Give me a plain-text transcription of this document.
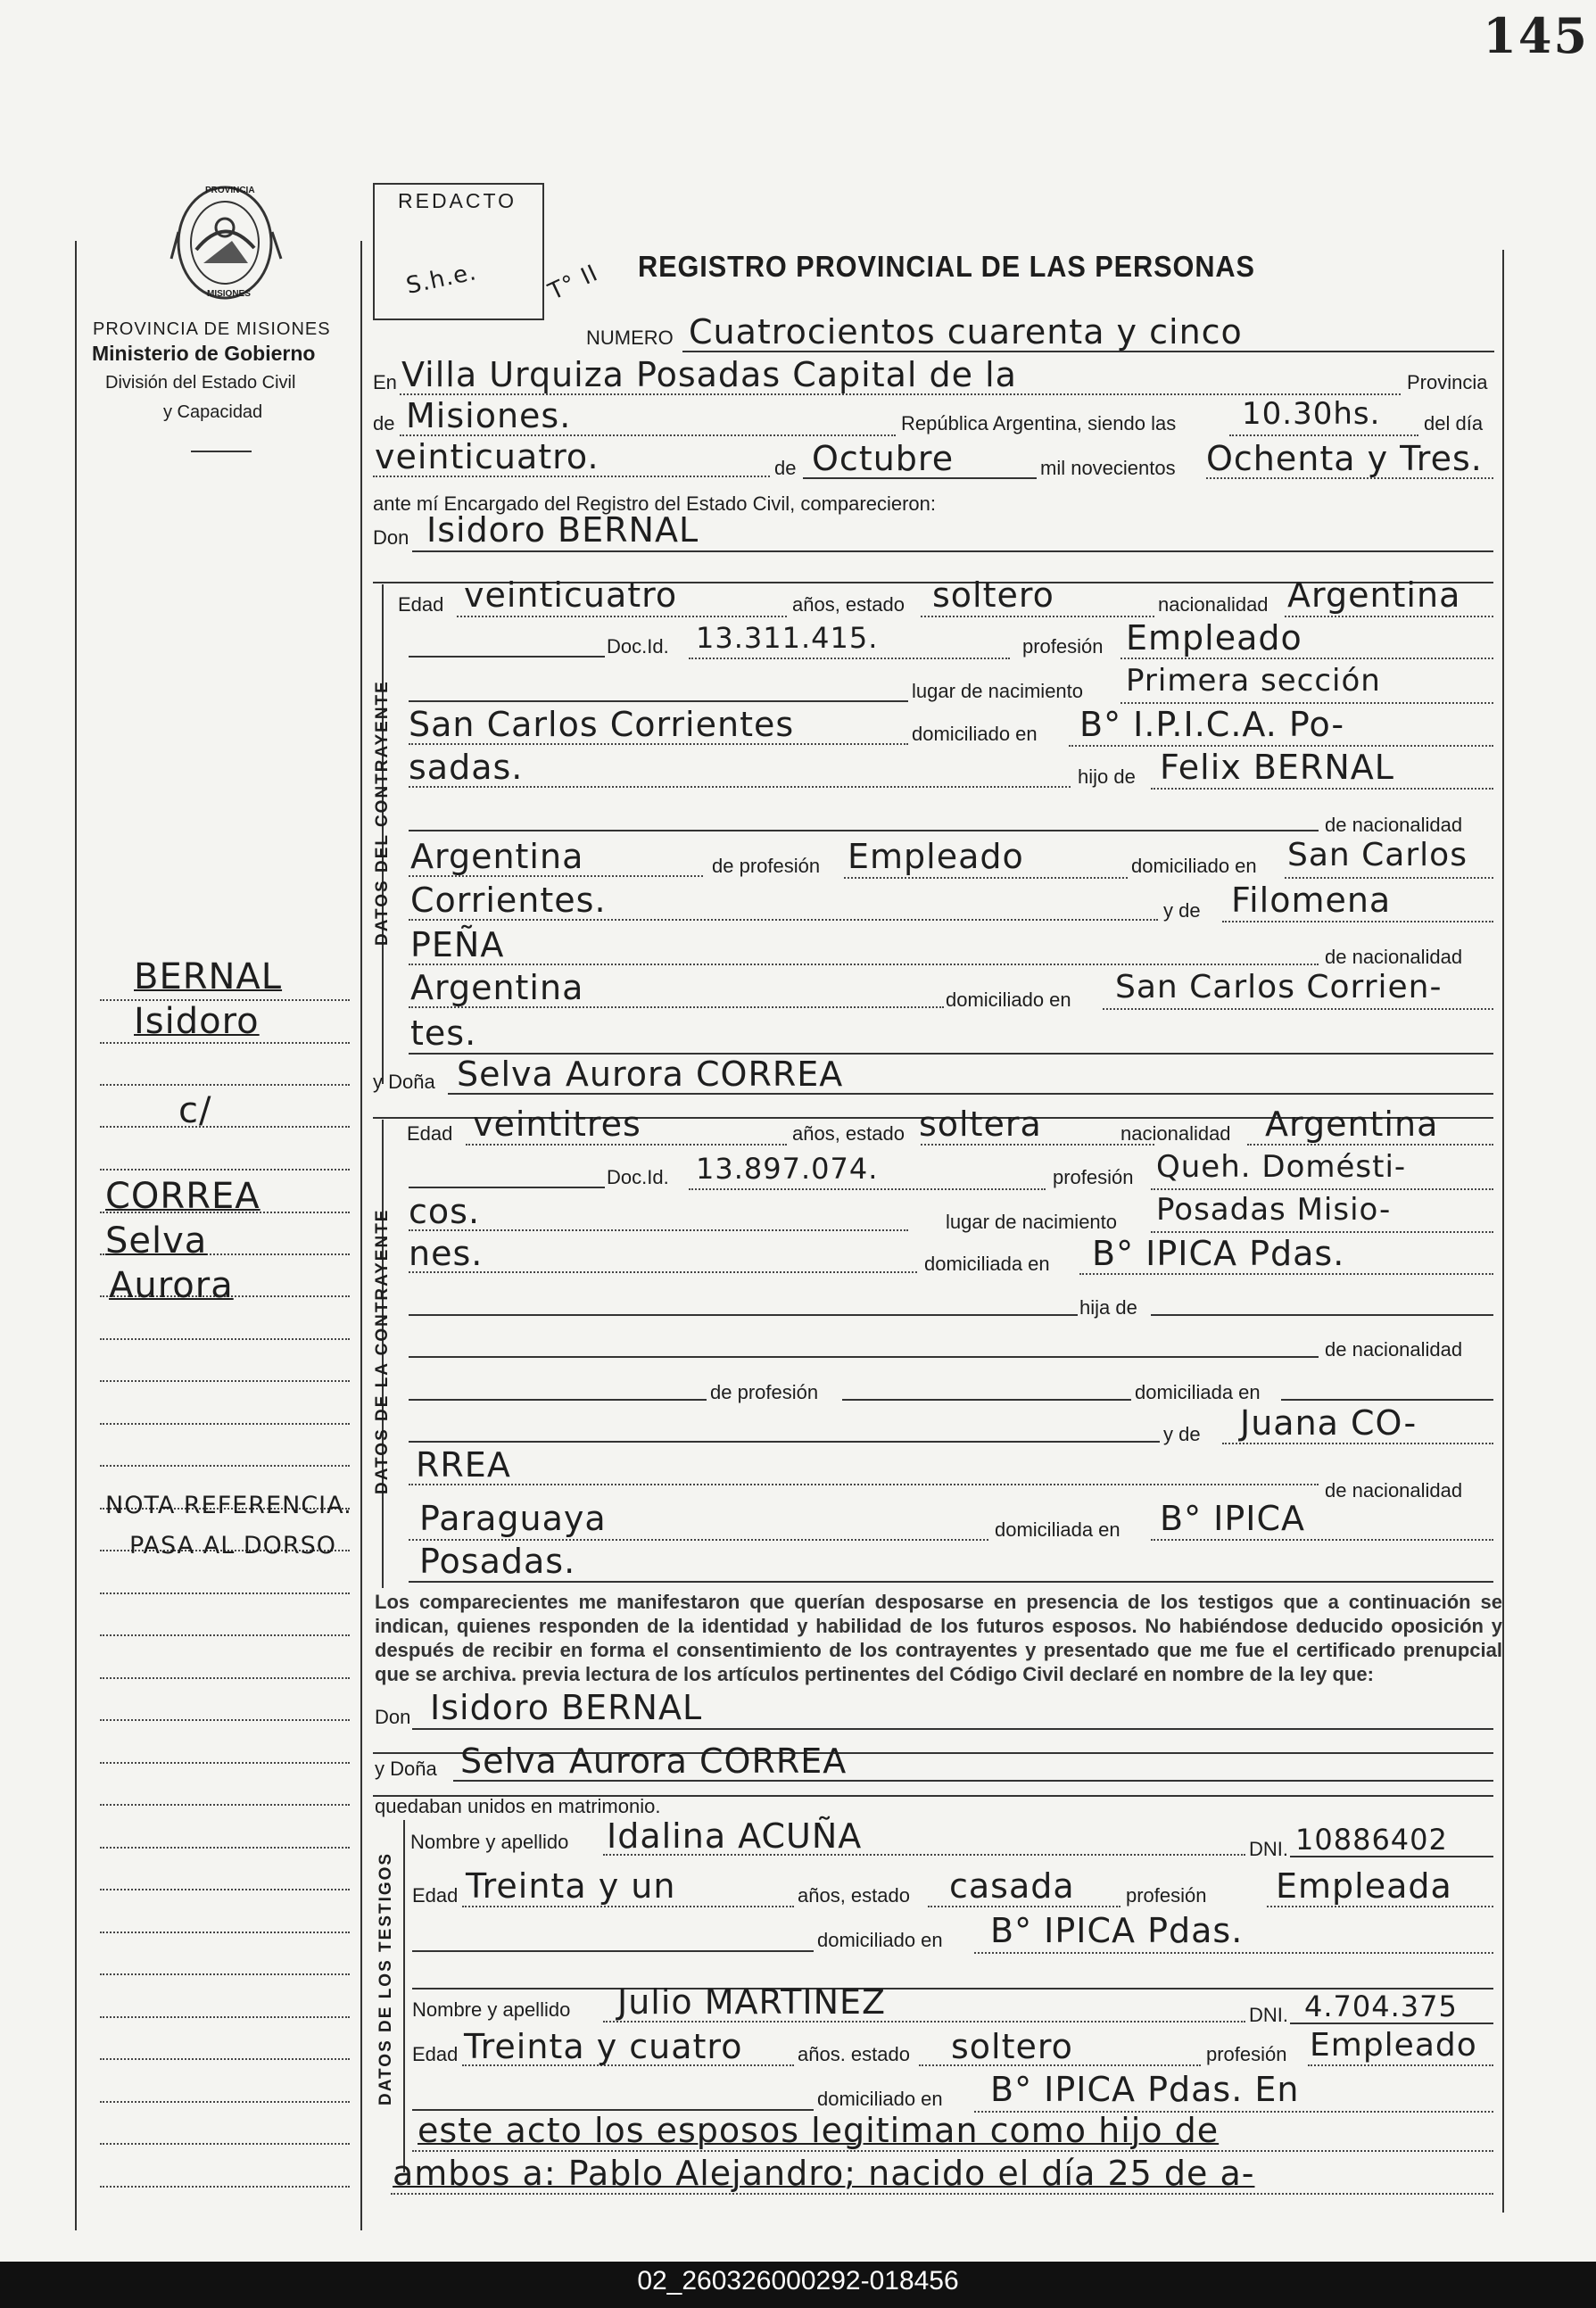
145
02_260326000292-018456
PROVINCIA
MISIONES
PROVINCIA DE MISIONES
Ministerio de Gobierno
División del Estado Civil
y Capacidad
REDACTO
S.h.e.	T° II REGISTRO PROVINCIAL DE LAS PERSONAS
NUMERO Cuatrocientos cuarenta y cinco
En Villa Urquiza Posadas Capital de la	Provincia
de Misiones.	República Argentina, siendo las 10.30hs. del día
veinticuatro.	de Octubre	mil novecientos Ochenta y Tres.
ante mí Encargado del Registro del Estado Civil, comparecieron:
Don Isidoro BERNAL
DATOS DEL CONTRAYENTE
Edad veinticuatro	años, estado soltero	nacionalidad Argentina
Doc.Id. 13.311.415.	profesión Empleado
lugar de nacimiento Primera sección
San Carlos Corrientes	domiciliado en B° I.P.I.C.A. Po-
sadas.	hijo de Felix BERNAL
de nacionalidad
Argentina	de profesión Empleado	domiciliado en San Carlos
Corrientes.	y de Filomena
PEÑA	de nacionalidad
Argentina	domiciliado en San Carlos Corrien-
tes.
y Doña Selva Aurora CORREA
DATOS DE LA CONTRAYENTE
Edad veintitres	años, estado soltera	nacionalidad Argentina
Doc.Id. 13.897.074.	profesión Queh. Domésti-
cos.	lugar de nacimiento Posadas Misio-
nes.	domiciliada en B° IPICA Pdas.
hija de
de nacionalidad
de profesión	domiciliada en
y de Juana CO-
RREA
de nacionalidad
Paraguaya	domiciliada en B° IPICA
Posadas.
Los comparecientes me manifestaron que querían desposarse en presencia de los testigos que a continuación se indican, quienes responden de la identidad y habilidad de los futuros esposos. No habiéndose deducido oposición y después de recibir en forma el consentimiento de los contrayentes y presentado que me fue el certificado prenupcial que se archiva. previa lectura de los artículos pertinentes del Código Civil declaré en nombre de la ley que:
Don Isidoro BERNAL
y Doña Selva Aurora CORREA
quedaban unidos en matrimonio.
DATOS DE LOS TESTIGOS
Nombre y apellido Idalina ACUÑA	DNI. 10886402
Edad Treinta y un	años, estado casada	profesión Empleada
domiciliado en B° IPICA Pdas.
Nombre y apellido Julio MARTINEZ	DNI. 4.704.375
Edad Treinta y cuatro	años. estado soltero	profesión Empleado
domiciliado en B° IPICA Pdas. En
este acto los esposos legitiman como hijo de
ambos a: Pablo Alejandro; nacido el día 25 de a-
BERNAL
Isidoro
c/
CORREA
Selva
Aurora
NOTA REFERENCIA.
PASA AL DORSO
